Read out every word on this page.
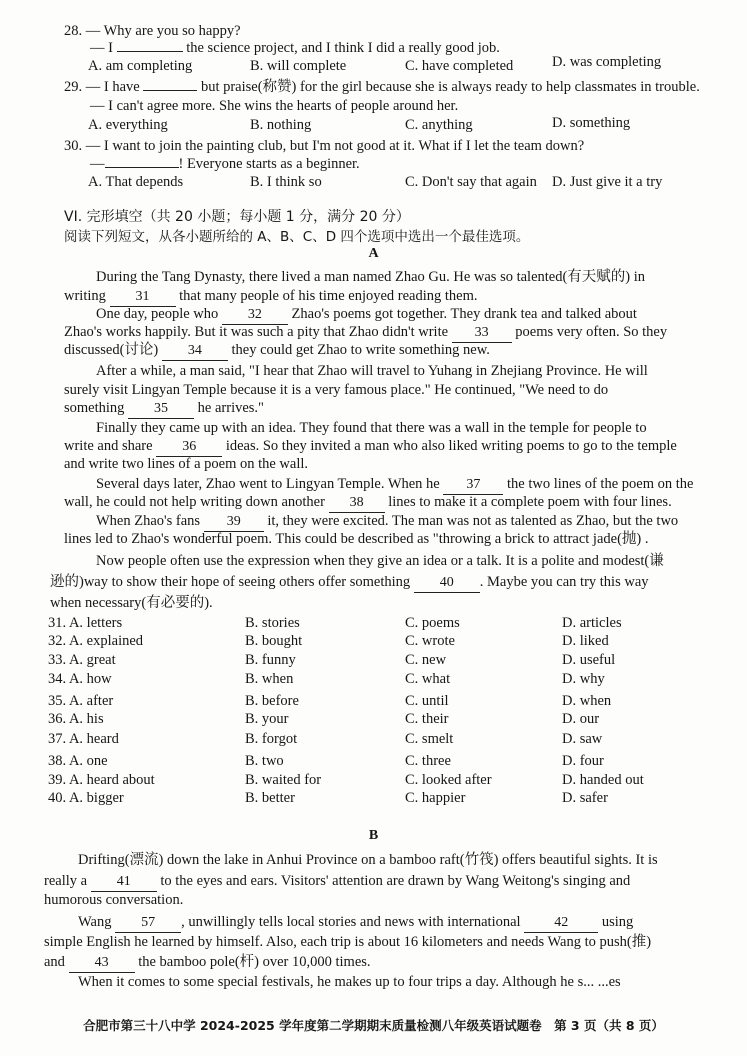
28. — Why are you so happy?
— I	the science project, and I think I did a really good job.
A. am completing	B. will complete	C. have completed	D. was completing
29. — I have	but praise(称赞) for the girl because she is always ready to help classmates in trouble.
— I can't agree more. She wins the hearts of people around her.
A. everything	B. nothing	C. anything	D. something
30. — I want to join the painting club, but I'm not good at it. What if I let the team down?
—	! Everyone starts as a beginner.
A. That depends	B. I think so	C. Don't say that again D. Just give it a try
VI. 完形填空（共 20 小题；每小题 1 分，满分 20 分）
阅读下列短文，从各小题所给的 A、B、C、D 四个选项中选出一个最佳选项。
A
During the Tang Dynasty, there lived a man named Zhao Gu. He was so talented(有天赋的) in
writing 31 that many people of his time enjoyed reading them.
One day, people who 32 Zhao's poems got together. They drank tea and talked about
Zhao's works happily. But it was such a pity that Zhao didn't write 33 poems very often. So they
discussed(讨论) 34 they could get Zhao to write something new.
After a while, a man said, "I hear that Zhao will travel to Yuhang in Zhejiang Province. He will
surely visit Lingyan Temple because it is a very famous place." He continued, "We need to do
something 35 he arrives."
Finally they came up with an idea. They found that there was a wall in the temple for people to
write and share 36 ideas. So they invited a man who also liked writing poems to go to the temple
and write two lines of a poem on the wall.
Several days later, Zhao went to Lingyan Temple. When he 37 the two lines of the poem on the
wall, he could not help writing down another 38 lines to make it a complete poem with four lines.
When Zhao's fans 39 it, they were excited. The man was not as talented as Zhao, but the two
lines led to Zhao's wonderful poem. This could be described as "throwing a brick to attract jade(抛) .
Now people often use the expression when they give an idea or a talk. It is a polite and modest(谦
逊的)way to show their hope of seeing others offer something 40 . Maybe you can try this way
when necessary(有必要的).
31. A. letters	B. stories	C. poems	D. articles
32. A. explained	B. bought	C. wrote	D. liked
33. A. great	B. funny	C. new	D. useful
34. A. how	B. when	C. what	D. why
35. A. after	B. before	C. until	D. when
36. A. his	B. your	C. their	D. our
37. A. heard	B. forgot	C. smelt	D. saw
38. A. one	B. two	C. three	D. four
39. A. heard about	B. waited for	C. looked after	D. handed out
40. A. bigger	B. better	C. happier	D. safer
B
Drifting(漂流) down the lake in Anhui Province on a bamboo raft(竹筏) offers beautiful sights. It is
really a 41 to the eyes and ears. Visitors' attention are drawn by Wang Weitong's singing and
humorous conversation.
Wang 57 , unwillingly tells local stories and news with international 42 using
simple English he learned by himself. Also, each trip is about 16 kilometers and needs Wang to push(推)
and 43 the bamboo pole(杆) over 10,000 times.
When it comes to some special festivals, he makes up to four trips a day. Although he s... ...es
合肥市第三十八中学 2024-2025 学年度第二学期期末质量检测八年级英语试题卷　第 3 页（共 8 页）
